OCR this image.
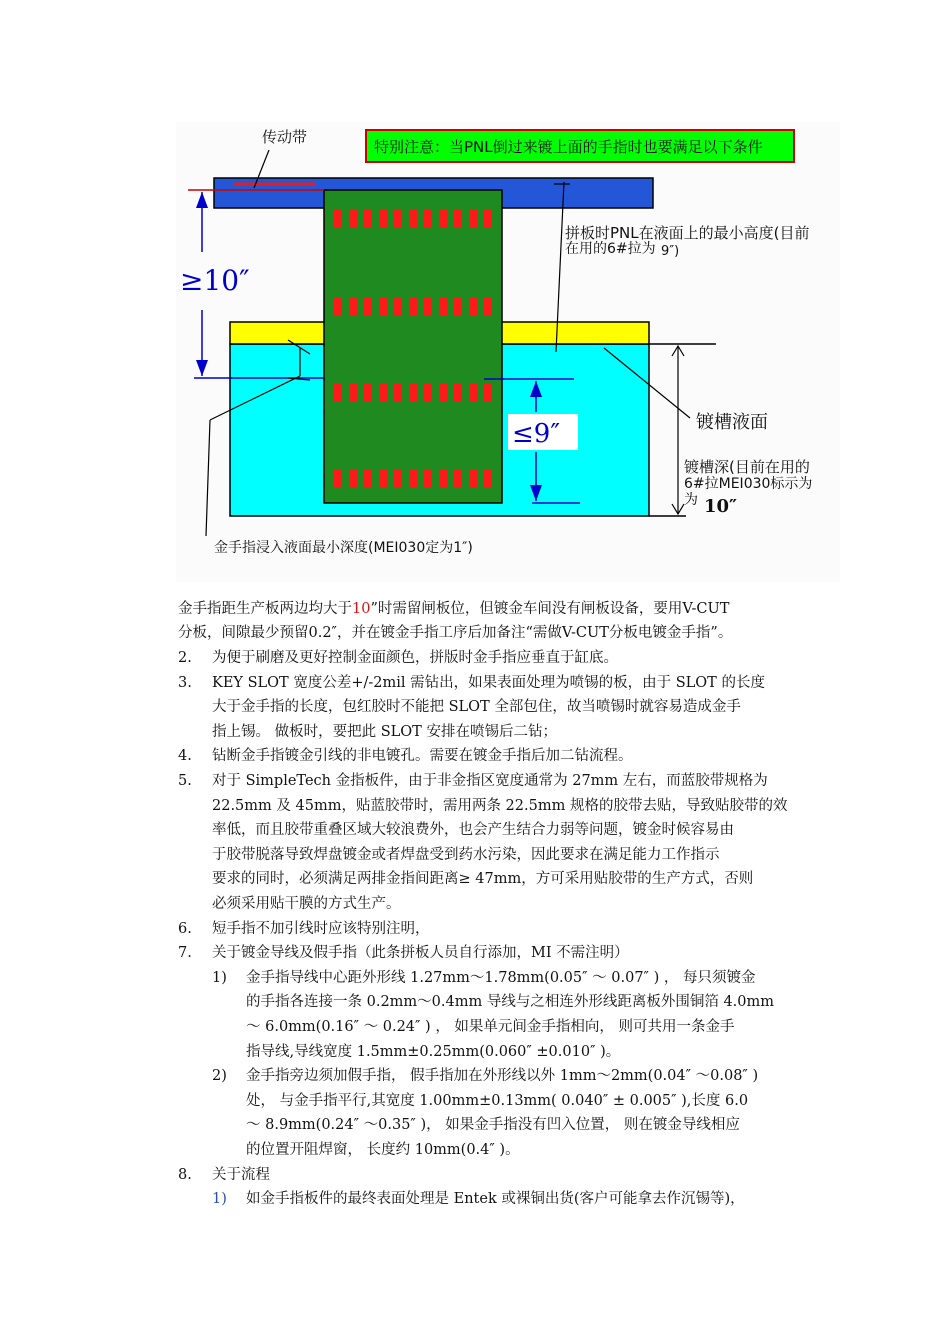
特别注意：当PNL倒过来镀上面的手指时也要满足以下条件
传动带
≥10″
拼板时PNL在液面上的最小高度(目前
在用的6#拉为 9″)
≤9″	镀槽液面
镀槽深(目前在用的
6#拉MEI030标示为
为 10″
金手指浸入液面最小深度(MEI030定为1″)
金手指距生产板两边均大于10”时需留闸板位，但镀金车间没有闸板设备，要用V-CUT
分板，间隙最少预留0.2″，并在镀金手指工序后加备注“需做V-CUT分板电镀金手指”。
2. 为便于刷磨及更好控制金面颜色，拼版时金手指应垂直于缸底。
3. KEY SLOT 宽度公差+/-2mil 需钻出，如果表面处理为喷锡的板，由于 SLOT 的长度
大于金手指的长度，包红胶时不能把 SLOT 全部包住，故当喷锡时就容易造成金手
指上锡。 做板时，要把此 SLOT 安排在喷锡后二钻；
4. 钻断金手指镀金引线的非电镀孔。需要在镀金手指后加二钻流程。
5. 对于 SimpleTech 金指板件，由于非金指区宽度通常为 27mm 左右，而蓝胶带规格为
22.5mm 及 45mm，贴蓝胶带时，需用两条 22.5mm 规格的胶带去贴，导致贴胶带的效
率低，而且胶带重叠区域大较浪费外，也会产生结合力弱等问题，镀金时候容易由
于胶带脱落导致焊盘镀金或者焊盘受到药水污染，因此要求在满足能力工作指示
要求的同时，必须满足两排金指间距离≥ 47mm，方可采用贴胶带的生产方式，否则
必须采用贴干膜的方式生产。
6. 短手指不加引线时应该特别注明，
7. 关于镀金导线及假手指（此条拼板人员自行添加，MI 不需注明）
1) 金手指导线中心距外形线 1.27mm～1.78mm(0.05″ ～ 0.07″ ) ， 每只须镀金
的手指各连接一条 0.2mm～0.4mm 导线与之相连外形线距离板外围铜箔 4.0mm
～ 6.0mm(0.16″ ～ 0.24″ ) ， 如果单元间金手指相向， 则可共用一条金手
指导线,导线宽度 1.5mm±0.25mm(0.060″ ±0.010″ )。
2) 金手指旁边须加假手指， 假手指加在外形线以外 1mm～2mm(0.04″ ～0.08″ )
处， 与金手指平行,其宽度 1.00mm±0.13mm( 0.040″ ± 0.005″ ),长度 6.0
～ 8.9mm(0.24″ ～0.35″ )， 如果金手指没有凹入位置， 则在镀金导线相应
的位置开阻焊窗， 长度约 10mm(0.4″ )。
8. 关于流程
1) 如金手指板件的最终表面处理是 Entek 或裸铜出货(客户可能拿去作沉锡等)，
